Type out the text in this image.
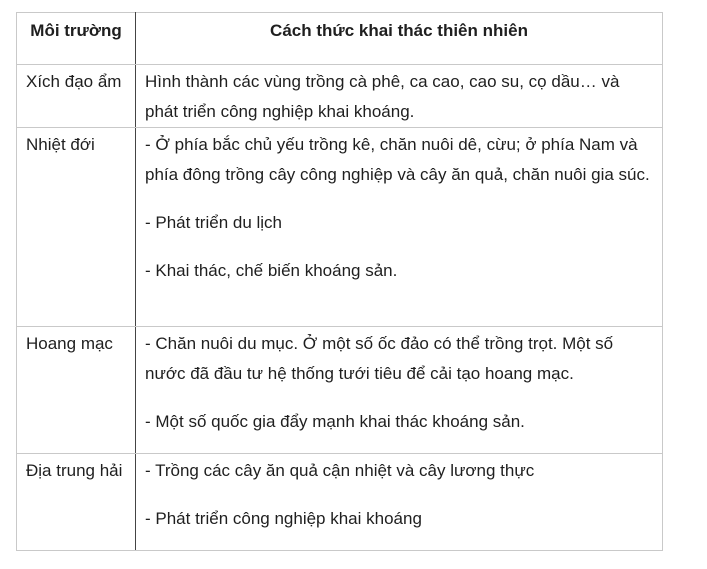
Môi trường	Cách thức khai thác thiên nhiên
Xích đạo ẩm	Hình thành các vùng trồng cà phê, ca cao, cao su, cọ dầu… và phát triển công nghiệp khai khoáng.

Nhiệt đới	- Ở phía bắc chủ yếu trồng kê, chăn nuôi dê, cừu; ở phía Nam và phía đông trồng cây công nghiệp và cây ăn quả, chăn nuôi gia súc.

- Phát triển du lịch

- Khai thác, chế biến khoáng sản.

Hoang mạc	- Chăn nuôi du mục. Ở một số ốc đảo có thể trồng trọt. Một số nước đã đầu tư hệ thống tưới tiêu để cải tạo hoang mạc.

- Một số quốc gia đẩy mạnh khai thác khoáng sản.

Địa trung hải	- Trồng các cây ăn quả cận nhiệt và cây lương thực

- Phát triển công nghiệp khai khoáng
